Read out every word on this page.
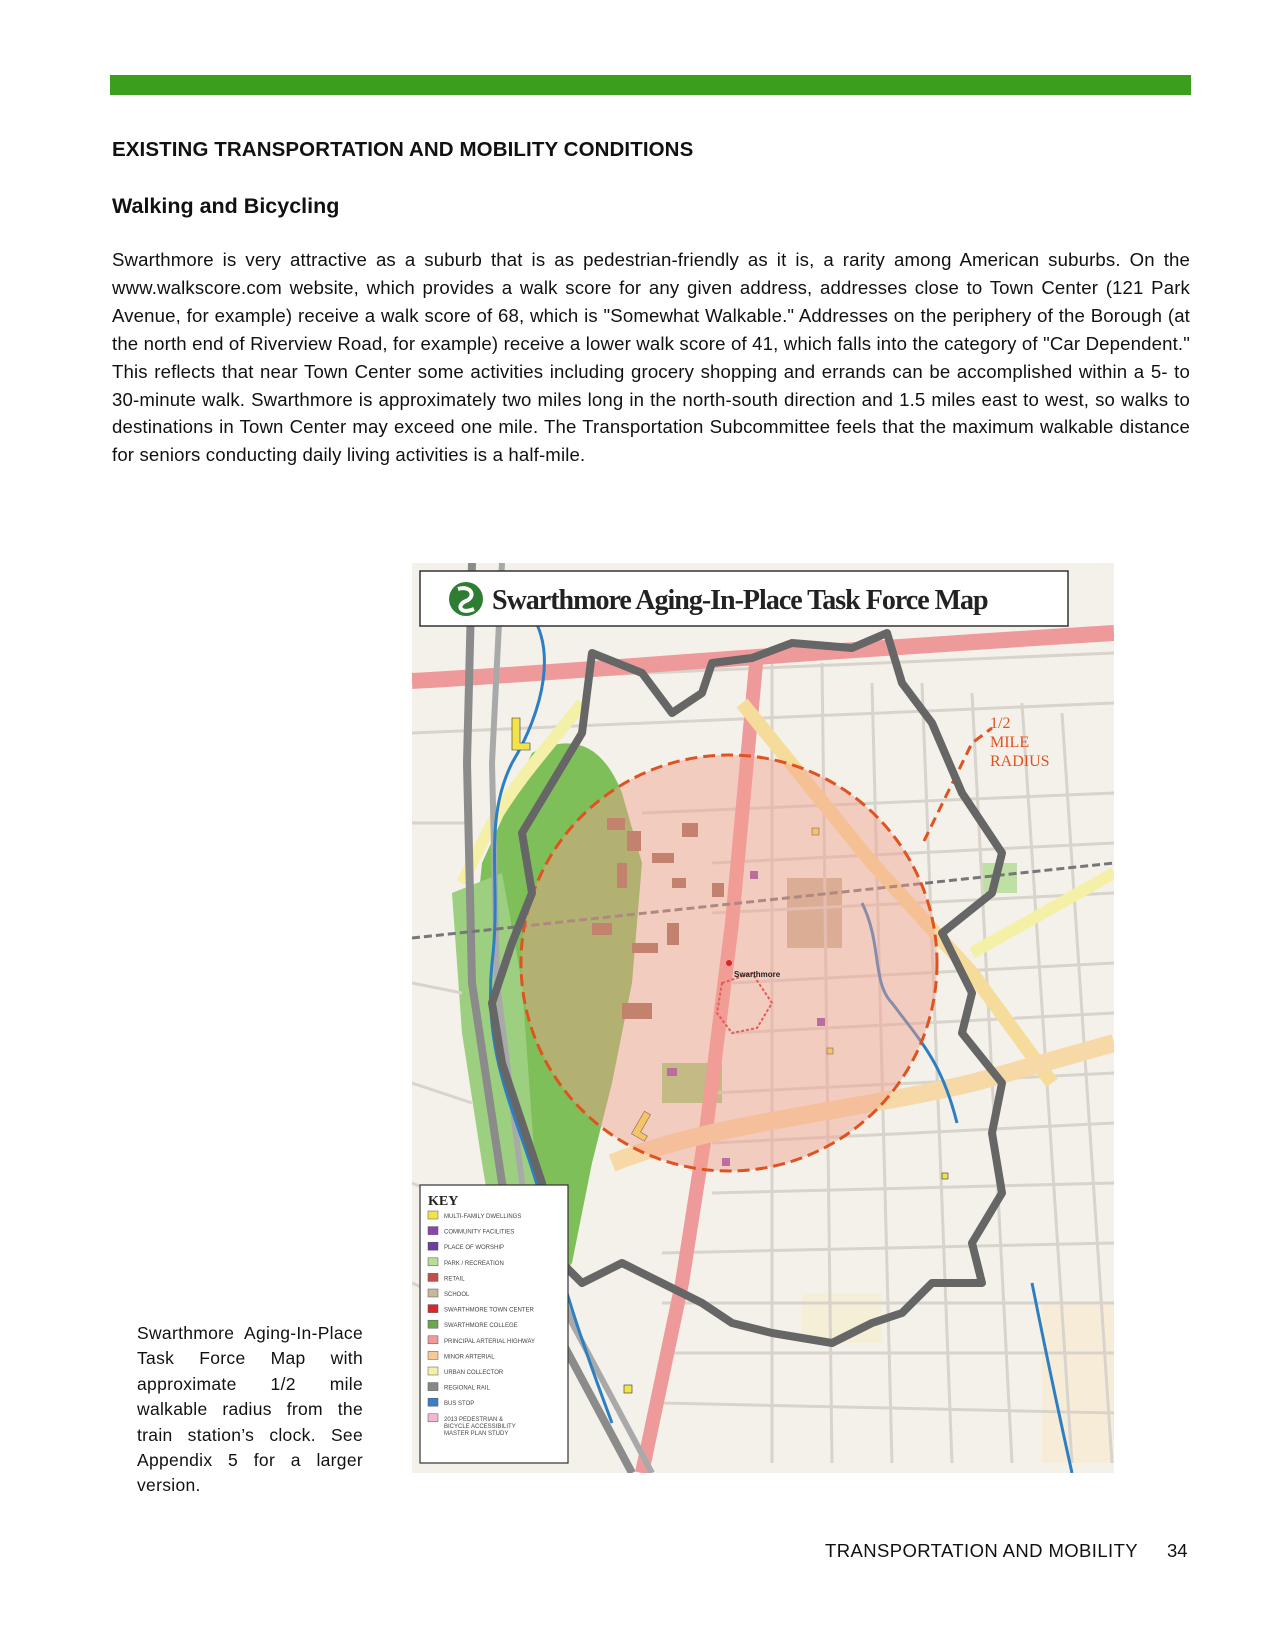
EXISTING TRANSPORTATION AND MOBILITY CONDITIONS
Walking and Bicycling
Swarthmore is very attractive as a suburb that is as pedestrian-friendly as it is, a rarity among American suburbs. On the www.walkscore.com website, which provides a walk score for any given address, addresses close to Town Center (121 Park Avenue, for example) receive a walk score of 68, which is "Somewhat Walkable." Addresses on the periphery of the Borough (at the north end of Riverview Road, for example) receive a lower walk score of 41, which falls into the category of "Car Dependent." This reflects that near Town Center some activities including grocery shopping and errands can be accomplished within a 5- to 30-minute walk. Swarthmore is approximately two miles long in the north-south direction and 1.5 miles east to west, so walks to destinations in Town Center may exceed one mile. The Transportation Subcommittee feels that the maximum walkable distance for seniors conducting daily living activities is a half-mile.
Swarthmore Aging-In-Place Task Force Map
1/2
MILE
RADIUS
Swarthmore
KEY
MULTI-FAMILY DWELLINGS
COMMUNITY FACILITIES
PLACE OF WORSHIP
PARK / RECREATION
RETAIL
SCHOOL
SWARTHMORE TOWN CENTER
SWARTHMORE COLLEGE
PRINCIPAL ARTERIAL HIGHWAY
MINOR ARTERIAL
URBAN COLLECTOR
REGIONAL RAIL
BUS STOP
2013 PEDESTRIAN & BICYCLE ACCESSIBILITY MASTER PLAN STUDY
Swarthmore Aging-In-Place Task Force Map with approximate 1/2 mile walkable radius from the train station’s clock. See Appendix 5 for a larger version.
TRANSPORTATION AND MOBILITY 34
